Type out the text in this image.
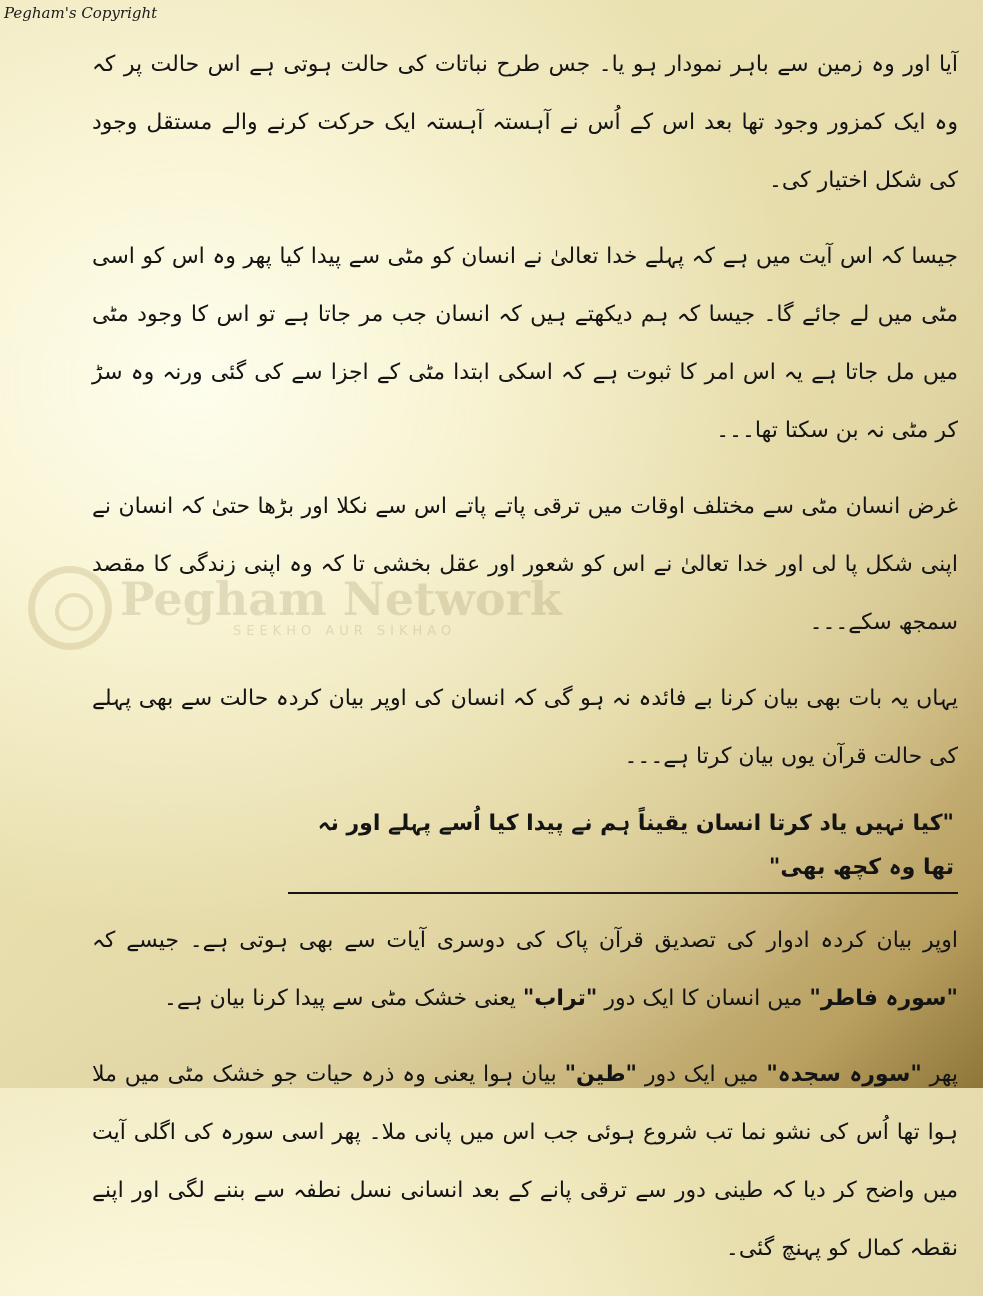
Pegham's Copyright
Pegham Network
SEEKHO AUR SIKHAO

آیا اور وہ زمین سے باہر نمودار ہو یا۔ جس طرح نباتات کی حالت ہوتی ہے اس حالت پر کہ وہ ایک کمزور وجود تھا بعد اس کے اُس نے آہستہ آہستہ ایک حرکت کرنے والے مستقل وجود کی شکل اختیار کی۔

جیسا کہ اس آیت میں ہے کہ پہلے خدا تعالیٰ نے انسان کو مٹی سے پیدا کیا پھر وہ اس کو اسی مٹی میں لے جائے گا۔ جیسا کہ ہم دیکھتے ہیں کہ انسان جب مر جاتا ہے تو اس کا وجود مٹی میں مل جاتا ہے یہ اس امر کا ثبوت ہے کہ اسکی ابتدا مٹی کے اجزا سے کی گئی ورنہ وہ سڑ کر مٹی نہ بن سکتا تھا۔۔۔

غرض انسان مٹی سے مختلف اوقات میں ترقی پاتے پاتے اس سے نکلا اور بڑھا حتیٰ کہ انسان نے اپنی شکل پا لی اور خدا تعالیٰ نے اس کو شعور اور عقل بخشی تا کہ وہ اپنی زندگی کا مقصد سمجھ سکے۔۔۔

یہاں یہ بات بھی بیان کرنا بے فائدہ نہ ہو گی کہ انسان کی اوپر بیان کردہ حالت سے بھی پہلے کی حالت قرآن یوں بیان کرتا ہے۔۔۔

"کیا نہیں یاد کرتا انسان یقیناً ہم نے پیدا کیا اُسے پہلے اور نہ تھا وہ کچھ بھی"

اوپر بیان کردہ ادوار کی تصدیق قرآن پاک کی دوسری آیات سے بھی ہوتی ہے۔ جیسے کہ "سورہ فاطر" میں انسان کا ایک دور "تراب" یعنی خشک مٹی سے پیدا کرنا بیان ہے۔

پھر "سورہ سجدہ" میں ایک دور "طین" بیان ہوا یعنی وہ ذرہ حیات جو خشک مٹی میں ملا ہوا تھا اُس کی نشو نما تب شروع ہوئی جب اس میں پانی ملا۔ پھر اسی سورہ کی اگلی آیت میں واضح کر دیا کہ طینی دور سے ترقی پانے کے بعد انسانی نسل نطفہ سے بننے لگی اور اپنے نقطہ کمال کو پہنچ گئی۔
